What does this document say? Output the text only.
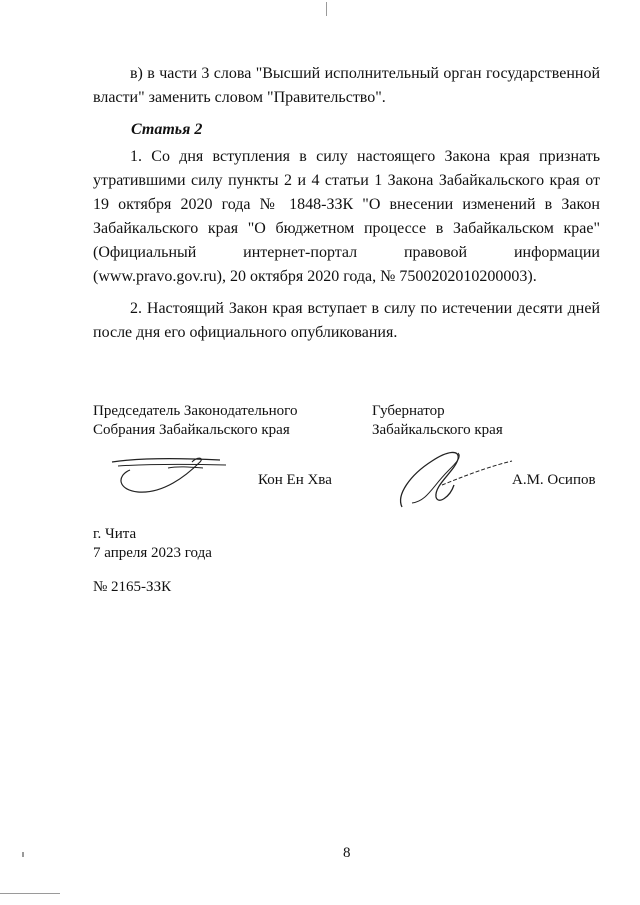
в) в части 3 слова "Высший исполнительный орган государственной власти" заменить словом "Правительство".

Статья 2

1. Со дня вступления в силу настоящего Закона края признать утратившими силу пункты 2 и 4 статьи 1 Закона Забайкальского края от 19 октября 2020 года № 1848-ЗЗК "О внесении изменений в Закон Забайкальского края "О бюджетном процессе в Забайкальском крае" (Официальный интернет-портал правовой информации (www.pravo.gov.ru), 20 октября 2020 года, № 7500202010200003).

2. Настоящий Закон края вступает в силу по истечении десяти дней после дня его официального опубликования.

Председатель Законодательного
Собрания Забайкальского края
Губернатор
Забайкальского края
Кон Ен Хва	А.М. Осипов
г. Чита
7 апреля 2023 года
№ 2165-ЗЗК
8
